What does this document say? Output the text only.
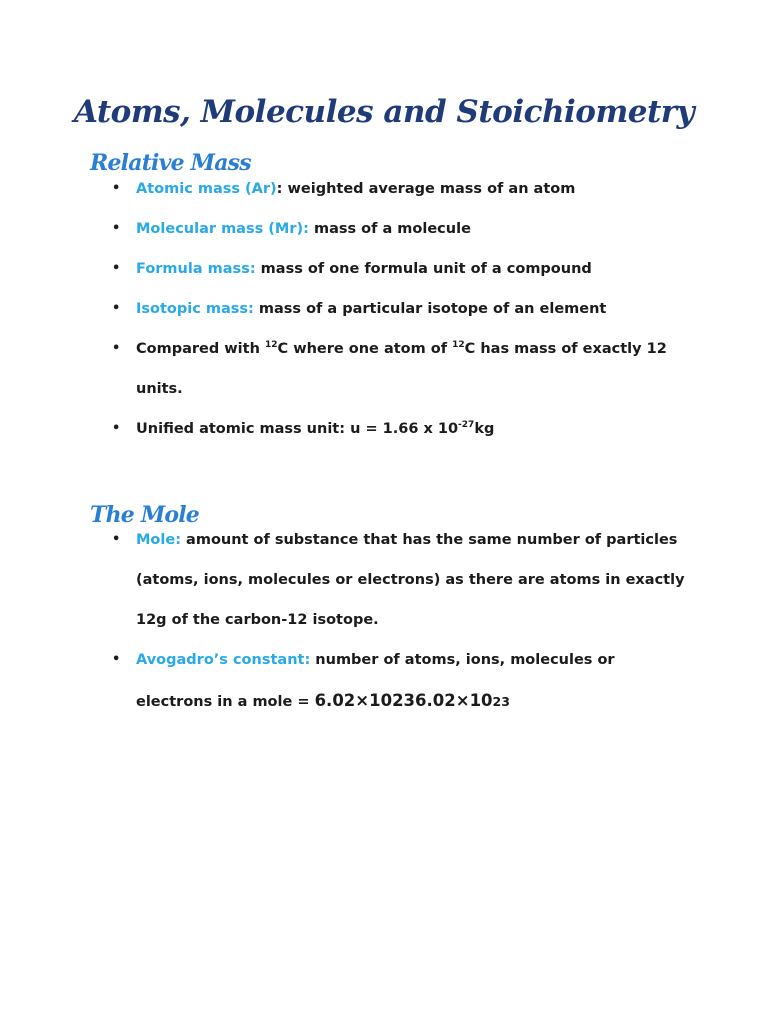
Atoms, Molecules and Stoichiometry
Relative Mass
• Atomic mass (Ar): weighted average mass of an atom
• Molecular mass (Mr): mass of a molecule
• Formula mass: mass of one formula unit of a compound
• Isotopic mass: mass of a particular isotope of an element
• Compared with $^{12}$C where one atom of $^{12}$C has mass of exactly 12
units.
• Unified atomic mass unit: u = 1.66 x $10^{-27}kg$
The Mole
• Mole: amount of substance that has the same number of particles
(atoms, ions, molecules or electrons) as there are atoms in exactly
12g of the carbon-12 isotope.
• Avogadro’s constant: number of atoms, ions, molecules or
electrons in a mole = 6.02×10236.02×1023
